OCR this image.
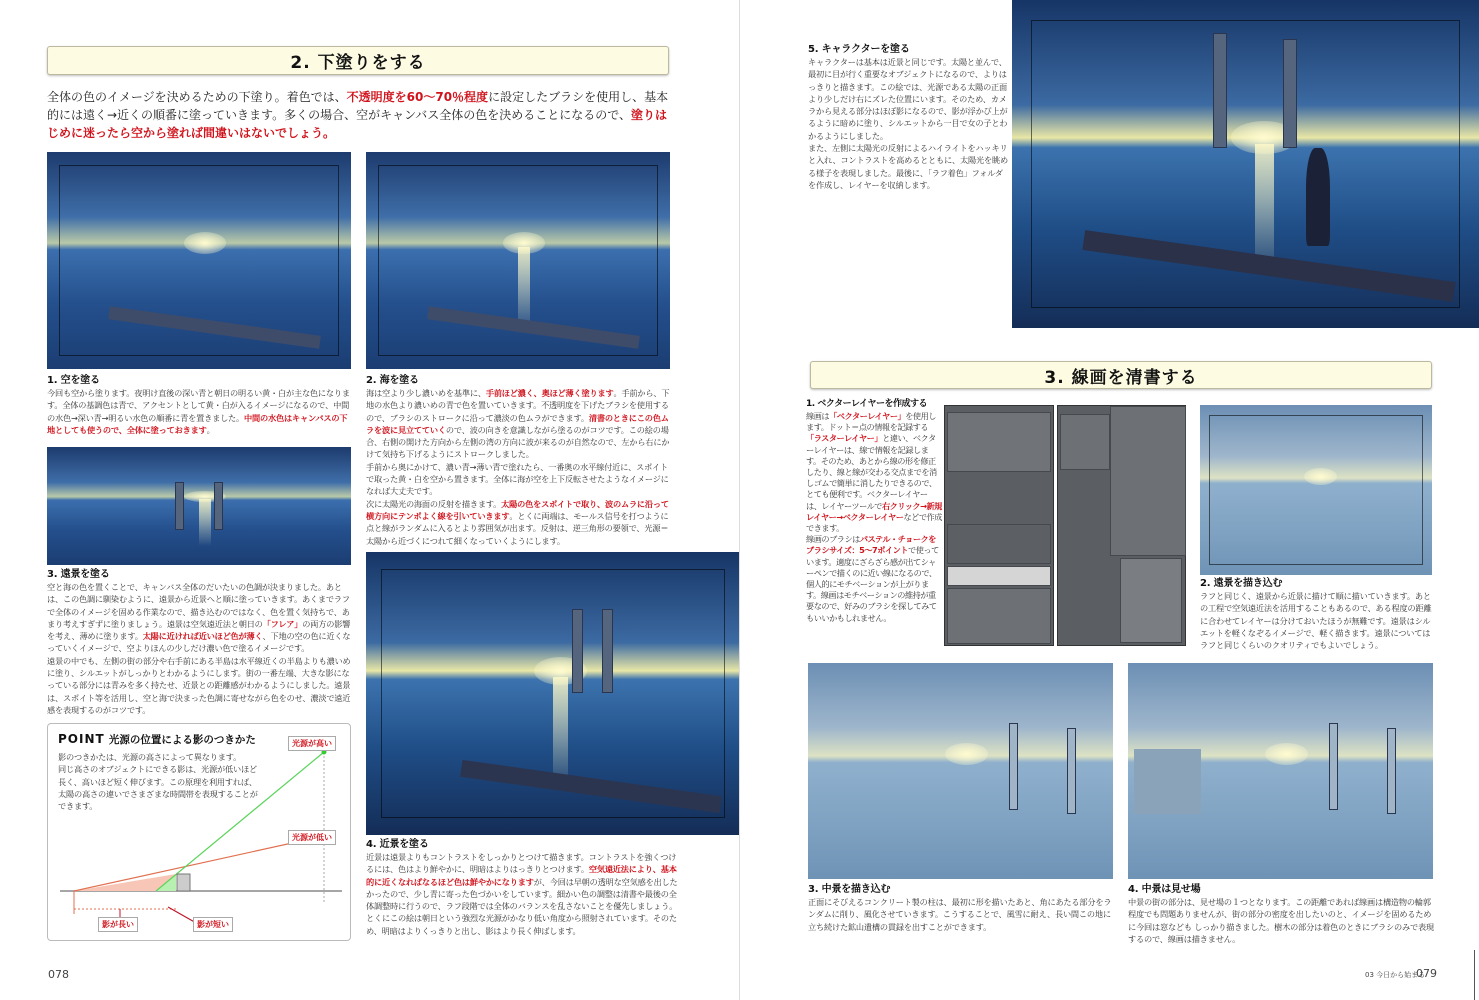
2. 下塗りをする
全体の色のイメージを決めるための下塗り。着色では、不透明度を60～70％程度に設定したブラシを使用し、基本的には遠く→近くの順番に塗っていきます。多くの場合、空がキャンバス全体の色を決めることになるので、塗りはじめに迷ったら空から塗れば間違いはないでしょう。
1. 空を塗る
今回も空から塗ります。夜明け直後の深い青と朝日の明るい黄・白が主な色になります。全体の基調色は青で、アクセントとして黄・白が入るイメージになるので、中間の水色→深い青→明るい水色の順番に青を置きました。中間の水色はキャンバスの下地としても使うので、全体に塗っておきます。
2. 海を塗る
海は空より少し濃いめを基準に、手前ほど濃く、奥ほど薄く塗ります。手前から、下地の水色より濃いめの青で色を置いていきます。不透明度を下げたブラシを使用するので、ブラシのストロークに沿って濃淡の色ムラができます。清書のときにこの色ムラを波に見立てていくので、波の向きを意識しながら塗るのがコツです。この絵の場合、右側の開けた方向から左側の湾の方向に波が来るのが自然なので、左から右にかけて気持ち下げるようにストロークしました。
手前から奥にかけて、濃い青→薄い青で塗れたら、一番奥の水平線付近に、スポイトで取った黄・白を空から置きます。全体に海が空を上下反転させたようなイメージになれば大丈夫です。
次に太陽光の海面の反射を描きます。太陽の色をスポイトで取り、波のムラに沿って横方向にテンポよく線を引いていきます。とくに両端は、モールス信号を打つように点と線がランダムに入るとより雰囲気が出ます。反射は、逆三角形の要領で、光源＝太陽から近づくにつれて細くなっていくようにします。
3. 遠景を塗る
空と海の色を置くことで、キャンバス全体のだいたいの色調が決まりました。あとは、この色調に馴染むように、遠景から近景へと順に塗っていきます。あくまでラフで全体のイメージを固める作業なので、描き込むのではなく、色を置く気持ちで、あまり考えすぎずに塗りましょう。遠景は空気遠近法と朝日の「フレア」の両方の影響を考え、薄めに塗ります。太陽に近ければ近いほど色が薄く、下地の空の色に近くなっていくイメージで、空よりほんの少しだけ濃い色で塗るイメージです。
遠景の中でも、左側の街の部分や右手前にある半島は水平線近くの半島よりも濃いめに塗り、シルエットがしっかりとわかるようにします。街の一番左端、大きな影になっている部分には青みを多く持たせ、近景との距離感がわかるようにしました。遠景は、スポイト等を活用し、空と海で決まった色調に寄せながら色をのせ、濃淡で遠近感を表現するのがコツです。
4. 近景を塗る
近景は遠景よりもコントラストをしっかりとつけて描きます。コントラストを強くつけるには、色はより鮮やかに、明暗はよりはっきりとつけます。空気遠近法により、基本的に近くなればなるほど色は鮮やかになりますが、今回は早朝の透明な空気感を出したかったので、少し青に寄った色づかいをしています。細かい色の調整は清書や最後の全体調整時に行うので、ラフ段階では全体のバランスを乱さないことを優先しましょう。とくにこの絵は朝日という強烈な光源がかなり低い角度から照射されています。そのため、明暗はよりくっきりと出し、影はより長く伸ばします。
POINT 光源の位置による影のつきかた
影のつきかたは、光源の高さによって異なります。
同じ高さのオブジェクトにできる影は、光源が低いほど長く、高いほど短く伸びます。この原理を利用すれば、太陽の高さの違いでさまざまな時間帯を表現することができます。
光源が高い
光源が低い
影が長い	影が短い
078
5. キャラクターを塗る
キャラクターは基本は近景と同じです。太陽と並んで、最初に目が行く重要なオブジェクトになるので、よりはっきりと描きます。この絵では、光源である太陽の正面より少しだけ右にズレた位置にいます。そのため、カメラから見える部分はほぼ影になるので、影が浮かび上がるように暗めに塗り、シルエットから一目で女の子とわかるようにしました。
また、左側に太陽光の反射によるハイライトをハッキリと入れ、コントラストを高めるとともに、太陽光を眺める様子を表現しました。最後に、「ラフ着色」フォルダを作成し、レイヤーを収納します。
3. 線画を清書する
1. ベクターレイヤーを作成する
線画は「ベクターレイヤー」を使用します。ドット＝点の情報を記録する「ラスターレイヤー」と違い、ベクターレイヤーは、線で情報を記録します。そのため、あとから線の形を修正したり、線と線が交わる交点までを消しゴムで簡単に消したりできるので、とても便利です。ベクターレイヤーは、レイヤーツールで右クリック→新規レイヤー→ベクターレイヤーなどで作成できます。
線画のブラシはパステル・チョークをブラシサイズ：5～7ポイントで使っています。適度にざらざら感が出てシャーペンで描くのに近い線になるので、個人的にモチベーションが上がります。線画はモチベーションの維持が重要なので、好みのブラシを探してみてもいいかもしれません。
2. 遠景を描き込む
ラフと同じく、遠景から近景に描けて順に描いていきます。あとの工程で空気遠近法を活用することもあるので、ある程度の距離に合わせてレイヤーは分けておいたほうが無難です。遠景はシルエットを軽くなぞるイメージで、軽く描きます。遠景についてはラフと同じくらいのクオリティでもよいでしょう。
3. 中景を描き込む
正面にそびえるコンクリート製の柱は、最初に形を描いたあと、角にあたる部分をランダムに削り、風化させていきます。こうすることで、風雪に耐え、長い間この地に立ち続けた鉱山遺構の貫録を出すことができます。
4. 中景は見せ場
中景の街の部分は、見せ場の１つとなります。この距離であれば線画は構造物の輪郭程度でも問題ありませんが、街の部分の密度を出したいのと、イメージを固めるために今回は窓なども しっかり描きました。樹木の部分は着色のときにブラシのみで表現するので、線画は描きません。
03 今日から始まる
079
